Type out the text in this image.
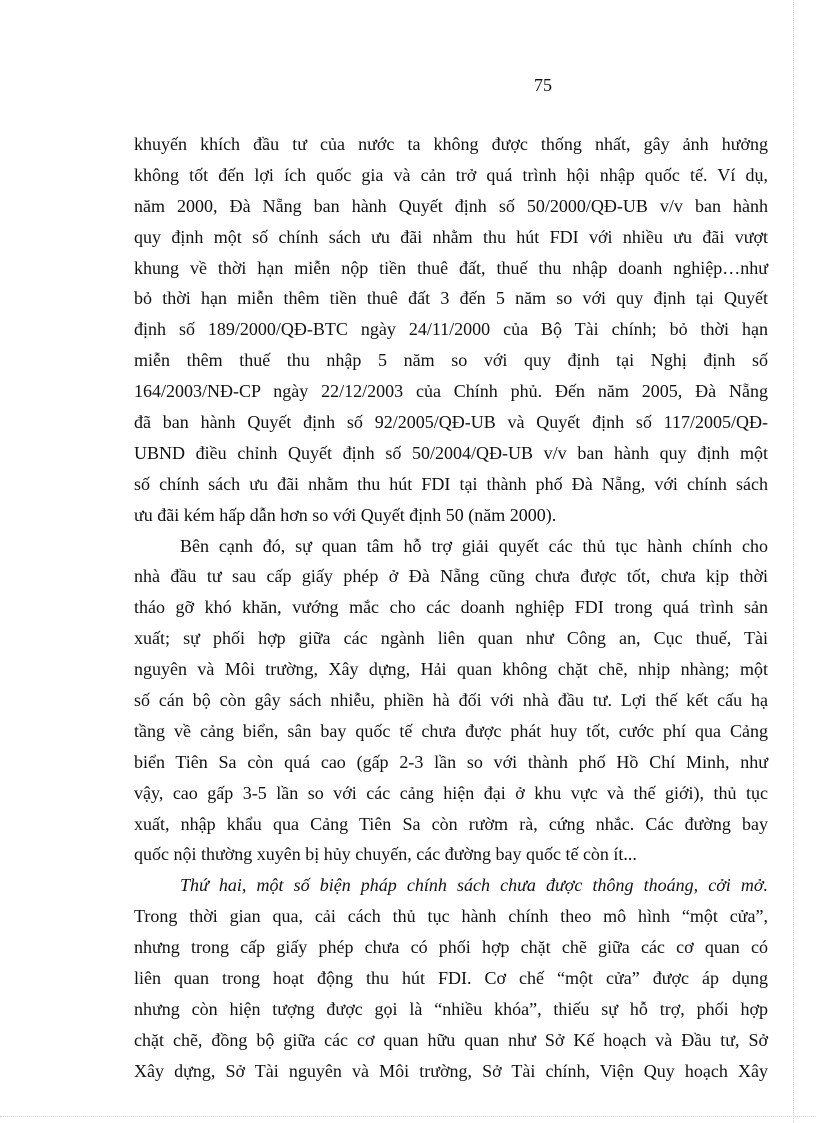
75
khuyến khích đầu tư của nước ta không được thống nhất, gây ảnh hưởng
không tốt đến lợi ích quốc gia và cản trở quá trình hội nhập quốc tế. Ví dụ,
năm 2000, Đà Nẵng ban hành Quyết định số 50/2000/QĐ-UB v/v ban hành
quy định một số chính sách ưu đãi nhằm thu hút FDI với nhiều ưu đãi vượt
khung về thời hạn miễn nộp tiền thuê đất, thuế thu nhập doanh nghiệp…như
bỏ thời hạn miễn thêm tiền thuê đất 3 đến 5 năm so với quy định tại Quyết
định số 189/2000/QĐ-BTC ngày 24/11/2000 của Bộ Tài chính; bỏ thời hạn
miễn thêm thuế thu nhập 5 năm so với quy định tại Nghị định số
164/2003/NĐ-CP ngày 22/12/2003 của Chính phủ. Đến năm 2005, Đà Nẵng
đã ban hành Quyết định số 92/2005/QĐ-UB và Quyết định số 117/2005/QĐ-
UBND điều chỉnh Quyết định số 50/2004/QĐ-UB v/v ban hành quy định một
số chính sách ưu đãi nhằm thu hút FDI tại thành phố Đà Nẵng, với chính sách
ưu đãi kém hấp dẫn hơn so với Quyết định 50 (năm 2000).
Bên cạnh đó, sự quan tâm hỗ trợ giải quyết các thủ tục hành chính cho
nhà đầu tư sau cấp giấy phép ở Đà Nẵng cũng chưa được tốt, chưa kịp thời
tháo gỡ khó khăn, vướng mắc cho các doanh nghiệp FDI trong quá trình sản
xuất; sự phối hợp giữa các ngành liên quan như Công an, Cục thuế, Tài
nguyên và Môi trường, Xây dựng, Hải quan không chặt chẽ, nhịp nhàng; một
số cán bộ còn gây sách nhiễu, phiền hà đối với nhà đầu tư. Lợi thế kết cấu hạ
tầng về cảng biển, sân bay quốc tế chưa được phát huy tốt, cước phí qua Cảng
biển Tiên Sa còn quá cao (gấp 2-3 lần so với thành phố Hồ Chí Minh, như
vậy, cao gấp 3-5 lần so với các cảng hiện đại ở khu vực và thế giới), thủ tục
xuất, nhập khẩu qua Cảng Tiên Sa còn rườm rà, cứng nhắc. Các đường bay
quốc nội thường xuyên bị hủy chuyến, các đường bay quốc tế còn ít...
Thứ hai, một số biện pháp chính sách chưa được thông thoáng, cởi mở.
Trong thời gian qua, cải cách thủ tục hành chính theo mô hình “một cửa”,
nhưng trong cấp giấy phép chưa có phối hợp chặt chẽ giữa các cơ quan có
liên quan trong hoạt động thu hút FDI. Cơ chế “một cửa” được áp dụng
nhưng còn hiện tượng được gọi là “nhiều khóa”, thiếu sự hỗ trợ, phối hợp
chặt chẽ, đồng bộ giữa các cơ quan hữu quan như Sở Kế hoạch và Đầu tư, Sở
Xây dựng, Sở Tài nguyên và Môi trường, Sở Tài chính, Viện Quy hoạch Xây
